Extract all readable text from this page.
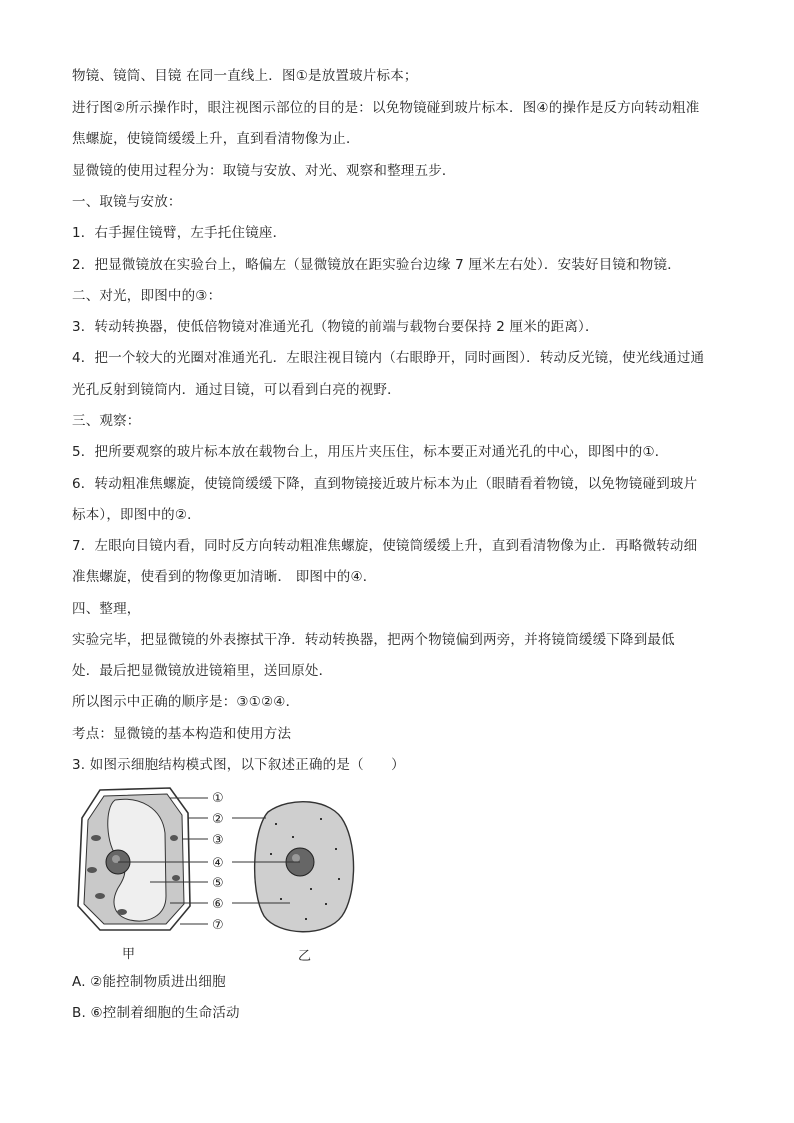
物镜、镜筒、目镜 在同一直线上．图①是放置玻片标本；
进行图②所示操作时，眼注视图示部位的目的是：以免物镜碰到玻片标本．图④的操作是反方向转动粗准
焦螺旋，使镜筒缓缓上升，直到看清物像为止．
显微镜的使用过程分为：取镜与安放、对光、观察和整理五步．
一、取镜与安放：
1．右手握住镜臂，左手托住镜座．
2．把显微镜放在实验台上，略偏左（显微镜放在距实验台边缘 7 厘米左右处）．安装好目镜和物镜．
二、对光，即图中的③：
3．转动转换器，使低倍物镜对准通光孔（物镜的前端与载物台要保持 2 厘米的距离）．
4．把一个较大的光圈对准通光孔．左眼注视目镜内（右眼睁开，同时画图）．转动反光镜，使光线通过通
光孔反射到镜筒内．通过目镜，可以看到白亮的视野．
三、观察：
5．把所要观察的玻片标本放在载物台上，用压片夹压住，标本要正对通光孔的中心，即图中的①．
6．转动粗准焦螺旋，使镜筒缓缓下降，直到物镜接近玻片标本为止（眼睛看着物镜，以免物镜碰到玻片
标本），即图中的②．
7．左眼向目镜内看，同时反方向转动粗准焦螺旋，使镜筒缓缓上升，直到看清物像为止．再略微转动细
准焦螺旋，使看到的物像更加清晰． 即图中的④．
四、整理，
实验完毕，把显微镜的外表擦拭干净．转动转换器，把两个物镜偏到两旁，并将镜筒缓缓下降到最低
处．最后把显微镜放进镜箱里，送回原处．
所以图示中正确的顺序是：③①②④．
考点：显微镜的基本构造和使用方法
3. 如图示细胞结构模式图，以下叙述正确的是（　　）
①
②
③
④
⑤
⑥
⑦
甲	乙
A. ②能控制物质进出细胞
B. ⑥控制着细胞的生命活动
